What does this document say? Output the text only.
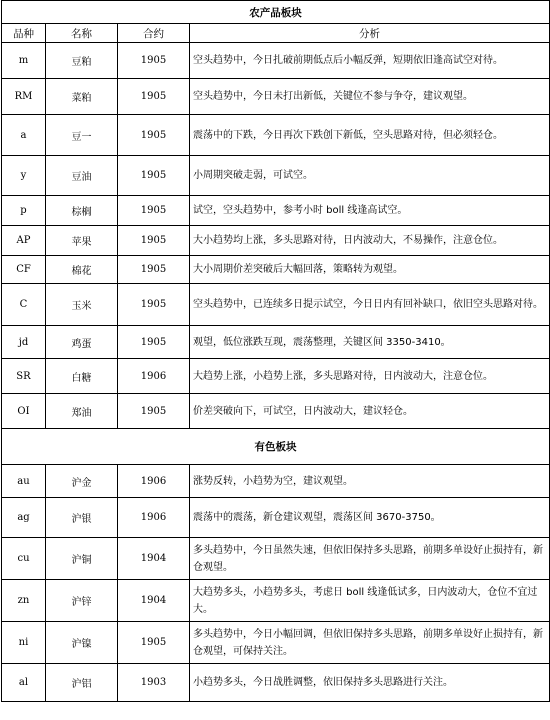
农产品板块			
品种	名称	合约	分析
m	豆粕	1905	空头趋势中，今日扎破前期低点后小幅反弹，短期依旧逢高试空对待。
RM	菜粕	1905	空头趋势中，今日未打出新低，关键位不参与争夺，建议观望。
a	豆一	1905	震荡中的下跌，今日再次下跌创下新低，空头思路对待，但必须轻仓。
y	豆油	1905	小周期突破走弱，可试空。
p	棕榈	1905	试空，空头趋势中，参考小时 boll 线逢高试空。
AP	苹果	1905	大小趋势均上涨，多头思路对待，日内波动大，不易操作，注意仓位。
CF	棉花	1905	大小周期价差突破后大幅回落，策略转为观望。
C	玉米	1905	空头趋势中，已连续多日提示试空，今日日内有回补缺口，依旧空头思路对待。
jd	鸡蛋	1905	观望，低位涨跌互现，震荡整理，关键区间 3350-3410。
SR	白糖	1906	大趋势上涨，小趋势上涨，多头思路对待，日内波动大，注意仓位。
OI	郑油	1905	价差突破向下，可试空，日内波动大，建议轻仓。
有色板块			
au	沪金	1906	涨势反转，小趋势为空，建议观望。
ag	沪银	1906	震荡中的震荡，新仓建议观望，震荡区间 3670-3750。
cu	沪铜	1904	多头趋势中，今日虽然失速，但依旧保持多头思路，前期多单设好止损持有，新仓观望。
zn	沪锌	1904	大趋势多头，小趋势多头，考虑日 boll 线逢低试多，日内波动大，仓位不宜过大。
ni	沪镍	1905	多头趋势中，今日小幅回调，但依旧保持多头思路，前期多单设好止损持有，新仓观望，可保持关注。
al	沪铝	1903	小趋势多头，今日战胜调整，依旧保持多头思路进行关注。
